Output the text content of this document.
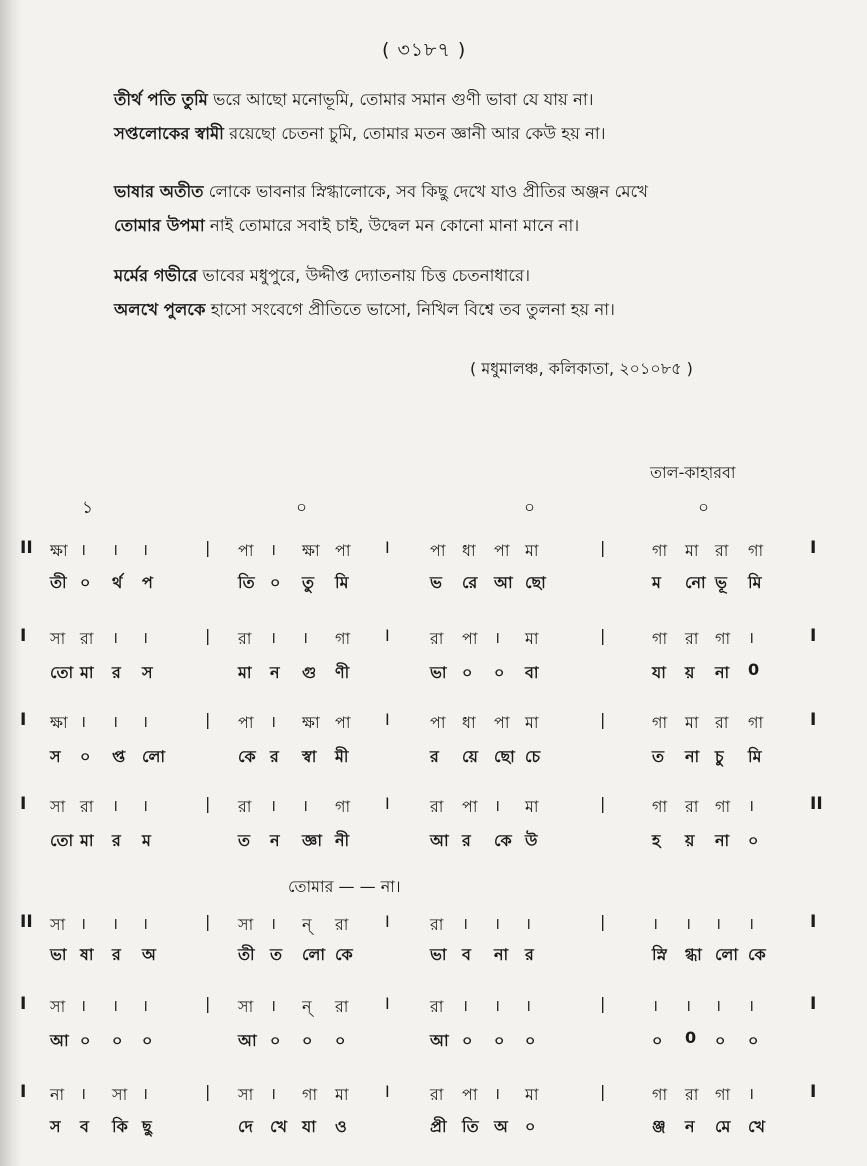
( ৩১৮৭ )
তীর্থ পতি তুমি ভরে আছো মনোভূমি, তোমার সমান গুণী ভাবা যে যায় না।
সপ্তলোকের স্বামী রয়েছো চেতনা চুমি, তোমার মতন জ্ঞানী আর কেউ হয় না।
ভাষার অতীত লোকে ভাবনার স্নিগ্ধালোকে, সব কিছু দেখে যাও প্রীতির অঞ্জন মেখে
তোমার উপমা নাই তোমারে সবাই চাই, উদ্বেল মন কোনো মানা মানে না।
মর্মের গভীরে ভাবের মধুপুরে, উদ্দীপ্ত দ্যোতনায় চিত্ত চেতনাধারে।
অলখে পুলকে হাসো সংবেগে প্রীতিতে ভাসো, নিখিল বিশ্বে তব তুলনা হয় না।
( মধুমালঞ্চ, কলিকাতা, ২০১০৮৫ )
তাল-কাহারবা
১	০	০	০
II ক্ষা । । ।	| পা । ক্ষা পা I	পা ধা পা মা	|	গা মা রা গা	I
তী ০ র্থ প	তি ০ তু মি	ভ রে আ ছো	ম নো ভূ মি
I সা রা । ।	| রা । । গা I	রা পা । মা	|	গা রা গা ।	I
তো মা র স	মা ন গু ণী	ভা ০ ০ বা	যা য় না 0
I ক্ষা । । ।	| পা । ক্ষা পা I	পা ধা পা মা	|	গা মা রা গা	I
স ০ প্ত লো	কে র স্বা মী	র য়ে ছো চে	ত না চু মি
I সা রা । ।	| রা । । গা I	রা পা । মা	|	গা রা গা ।	II
তো মা র ম	ত ন জ্ঞা নী	আ র কে উ	হ য় না ০
II সা । । ।	| সা । ন্ রা I	রা । । ।	|	। । । ।	I
ভা ষা র অ	তী ত লো কে	ভা ব না র	স্নি গ্ধা লো কে
I সা । । ।	| সা । ন্ রা I	রা । । ।	|	। । । ।	I
আ ০ ০ ০	আ ০ ০ ০	আ ০ ০ ০	০ 0 ০ ০
I না । সা ।	| সা । গা মা I	রা পা । মা	|	গা রা গা ।	I
স ব কি ছু	দে খে যা ও	প্রী তি অ ০	ঞ্জ ন মে খে
তোমার — — না।
